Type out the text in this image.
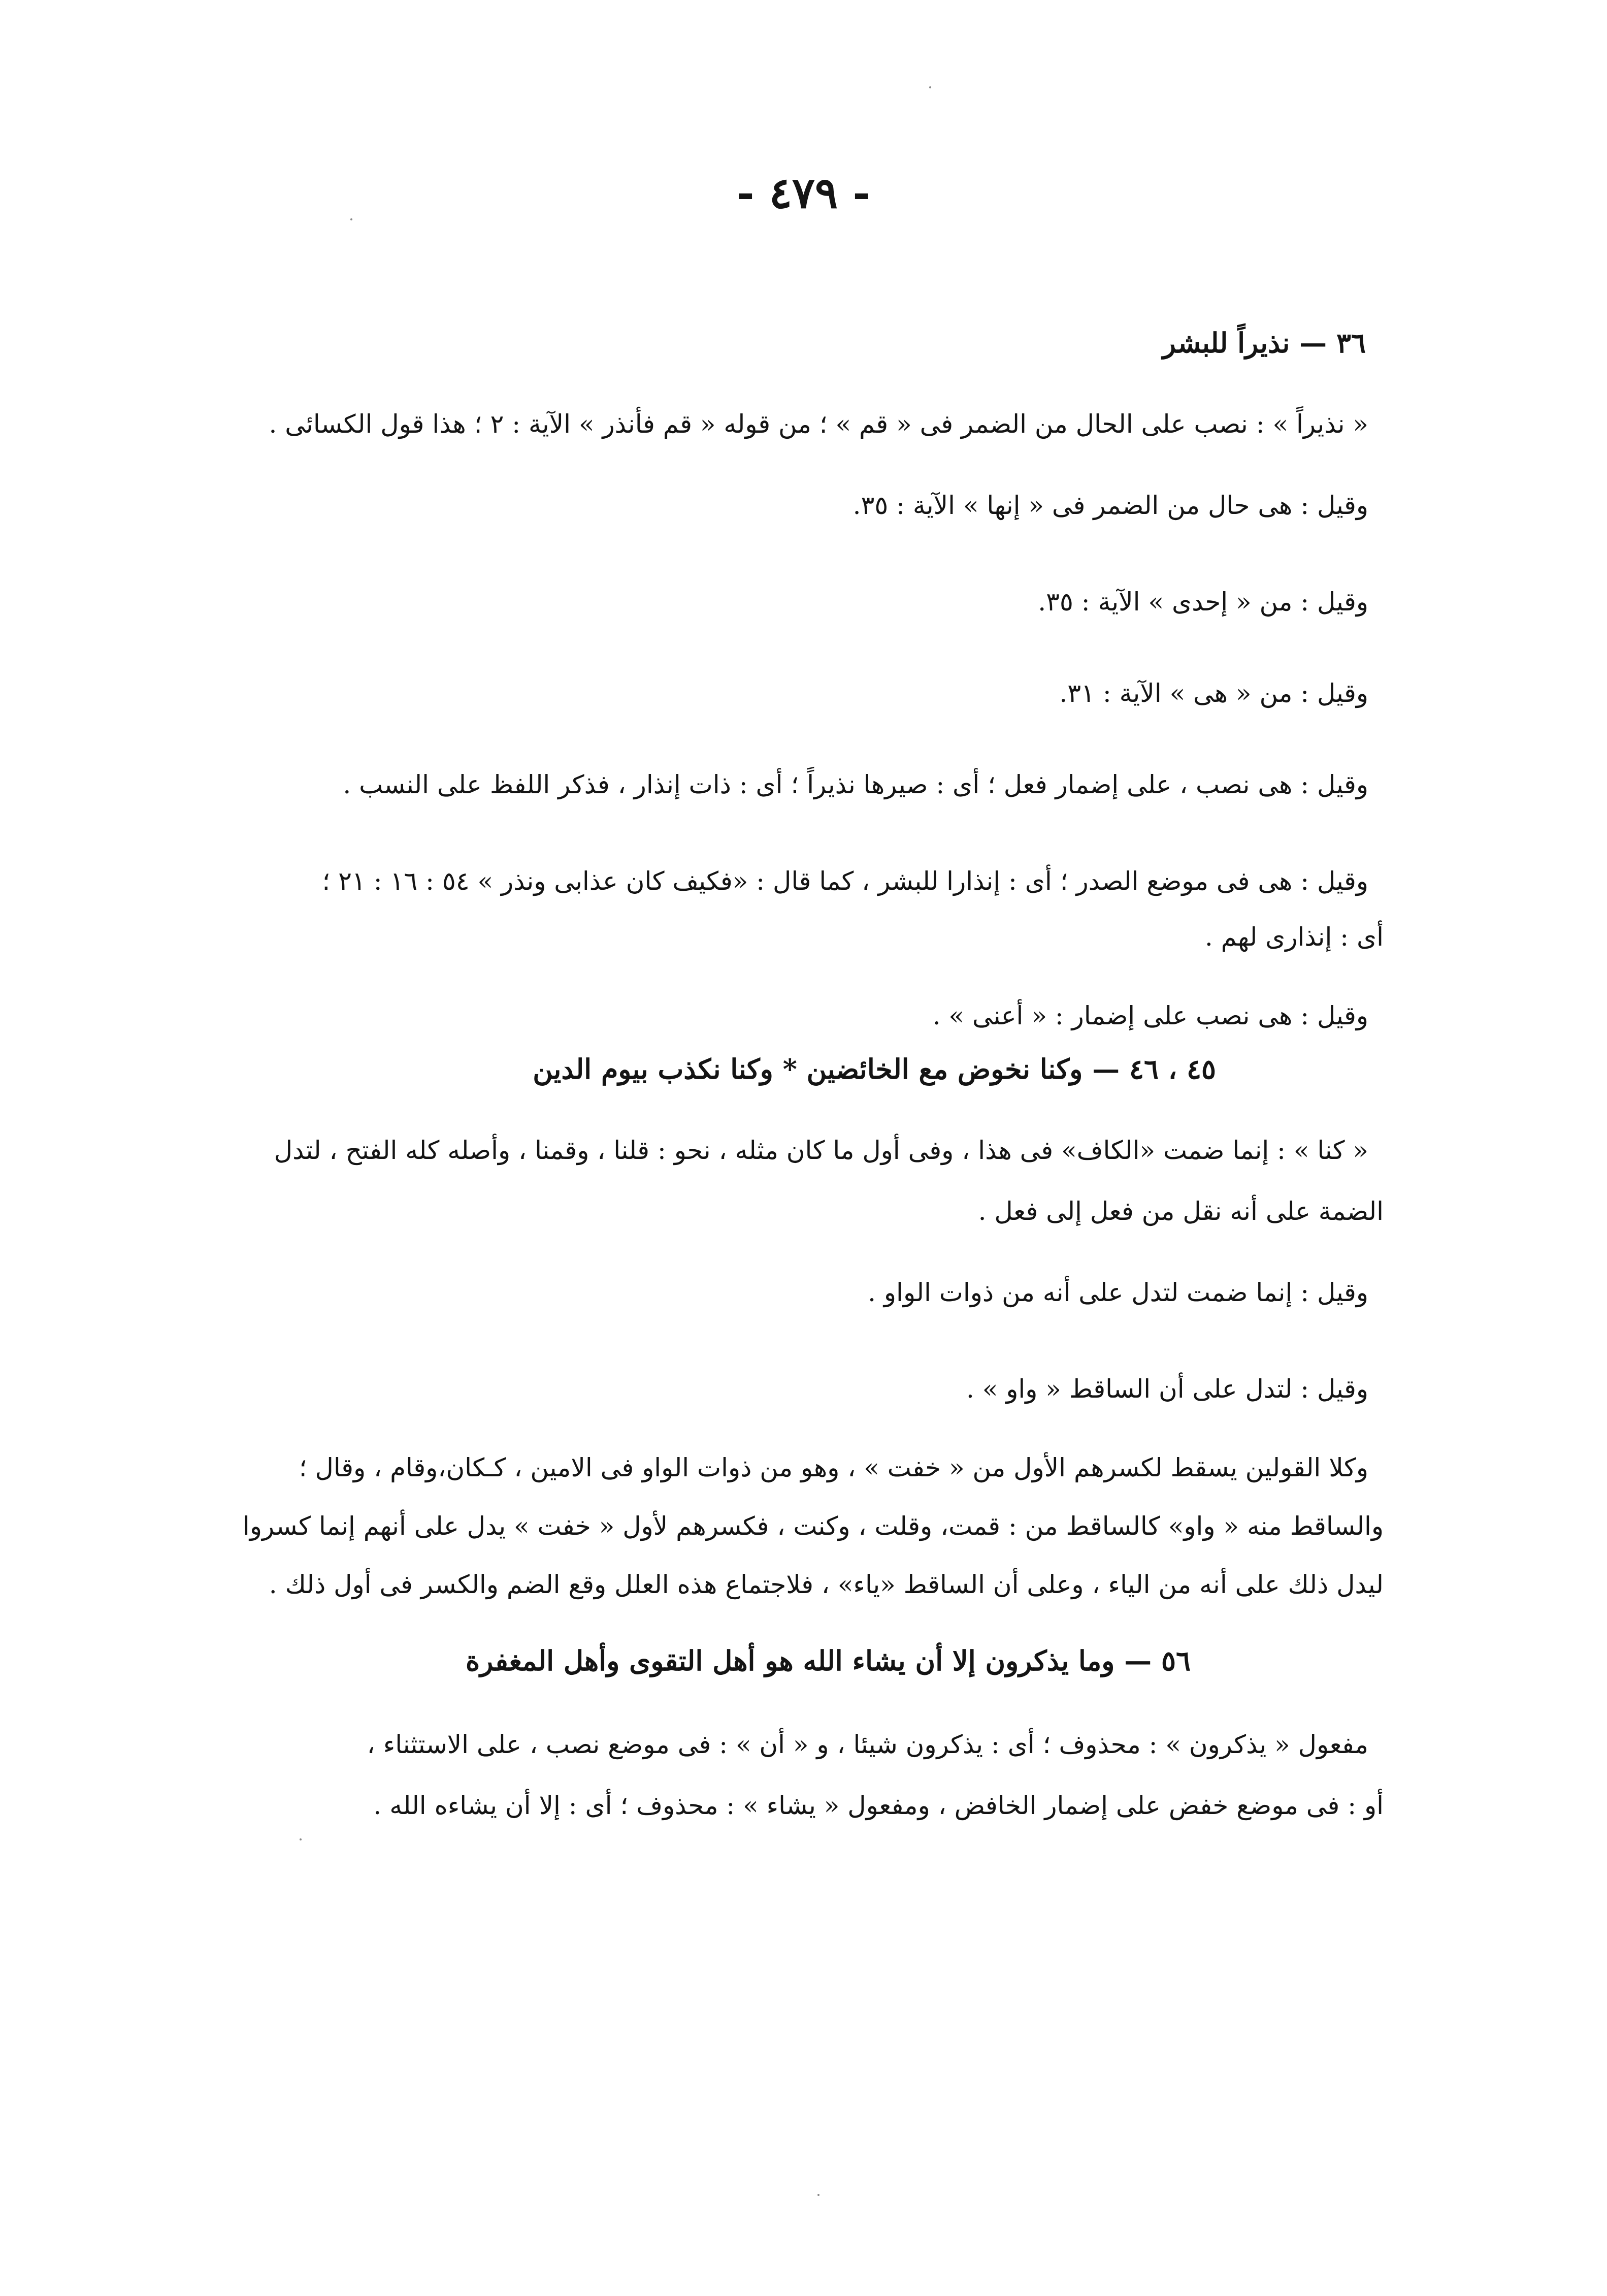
- ٤٧٩ -
٣٦ — نذيراً للبشر
« نذيراً » : نصب على الحال من الضمر فى « قم » ؛ من قوله « قم فأنذر » الآية : ٢ ؛ هذا قول الكسائى .
وقيل : هى حال من الضمر فى « إنها » الآية : ٣٥.
وقيل : من « إحدى » الآية : ٣٥.
وقيل : من « هى » الآية : ٣١.
وقيل : هى نصب ، على إضمار فعل ؛ أى : صيرها نذيراً ؛ أى : ذات إنذار ، فذكر اللفظ على النسب .
وقيل : هى فى موضع الصدر ؛ أى : إنذارا للبشر ، كما قال : «فكيف كان عذابى ونذر » ٥٤ : ١٦ : ٢١ ؛
أى : إنذارى لهم .
وقيل : هى نصب على إضمار : « أعنى » .
٤٥ ، ٤٦ — وكنا نخوض مع الخائضين * وكنا نكذب بيوم الدين
« كنا » : إنما ضمت «الكاف» فى هذا ، وفى أول ما كان مثله ، نحو : قلنا ، وقمنا ، وأصله كله الفتح ، لتدل
الضمة على أنه نقل من فعل إلى فعل .
وقيل : إنما ضمت لتدل على أنه من ذوات الواو .
وقيل : لتدل على أن الساقط « واو » .
وكلا القولين يسقط لكسرهم الأول من « خفت » ، وهو من ذوات الواو فى الامين ، كـكان،وقام ، وقال ؛
والساقط منه « واو» كالساقط من : قمت، وقلت ، وكنت ، فكسرهم لأول « خفت » يدل على أنهم إنما كسروا
ليدل ذلك على أنه من الياء ، وعلى أن الساقط «ياء» ، فلاجتماع هذه العلل وقع الضم والكسر فى أول ذلك .
٥٦ — وما يذكرون إلا أن يشاء الله هو أهل التقوى وأهل المغفرة
مفعول « يذكرون » : محذوف ؛ أى : يذكرون شيئا ، و « أن » : فى موضع نصب ، على الاستثناء ،
أو : فى موضع خفض على إضمار الخافض ، ومفعول « يشاء » : محذوف ؛ أى : إلا أن يشاءه الله .
